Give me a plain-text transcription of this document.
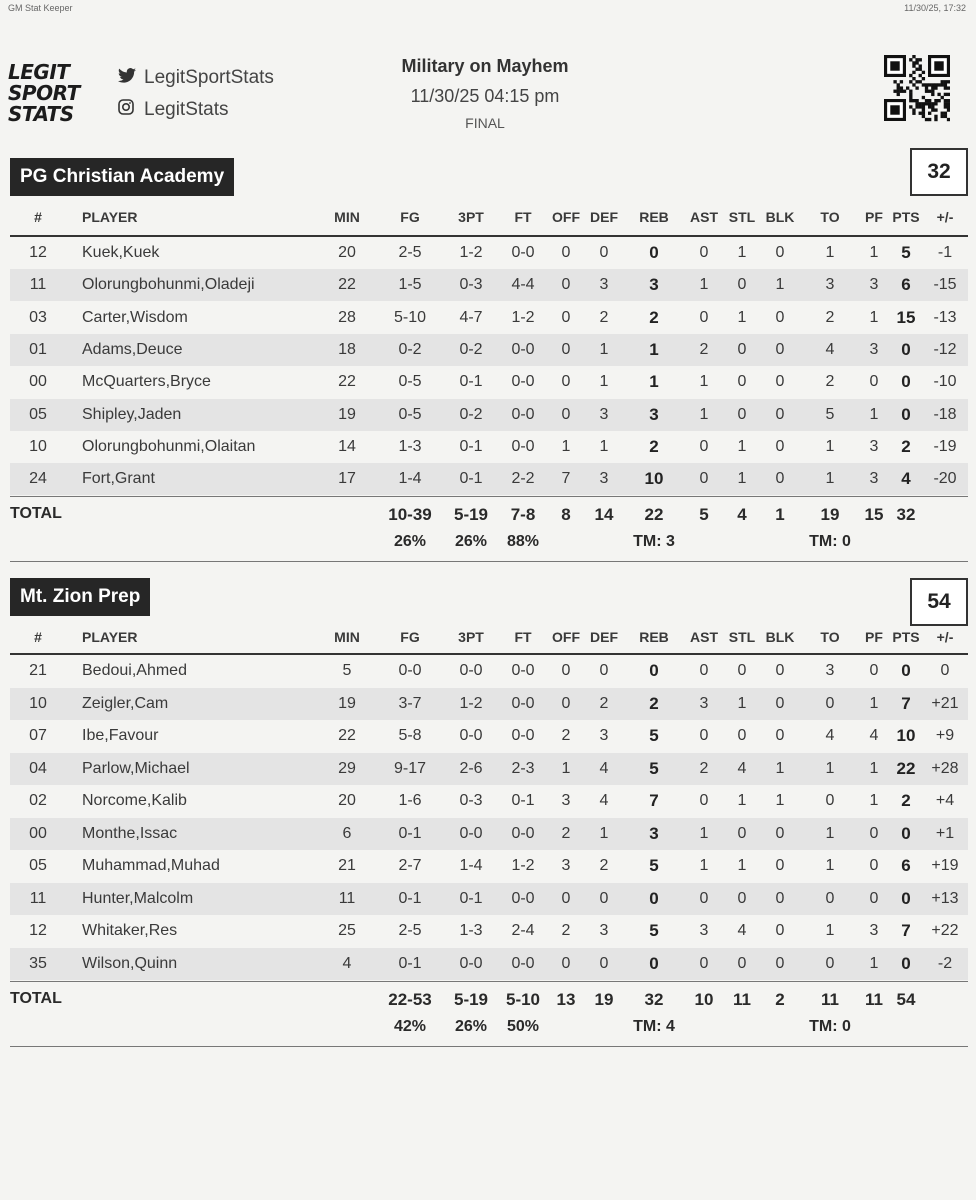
GM Stat Keeper	11/30/25, 17:32
LEGIT
SPORT
STATS
LegitSportStats
LegitStats
Military on Mayhem
11/30/25 04:15 pm
FINAL
PG Christian Academy	32
#	PLAYER	MIN	FG	3PT FT OFF DEF REB AST STL BLK TO PF PTS +/-
12 Kuek,Kuek	20	2-5 1-2 0-0 0 0 0	0 1 0	1 1 5 -1
11 Olorungbohunmi,Oladeji	22	1-5 0-3 4-4 0 3 3	1 0 1	3 3 6 -15
03 Carter,Wisdom	28 5-10 4-7 1-2 0 2 2	0 1 0	2 1 15 -13
01 Adams,Deuce	18	0-2 0-2 0-0 0 1 1	2 0 0	4 3 0 -12
00 McQuarters,Bryce	22	0-5 0-1 0-0 0 1 1	1 0 0	2 0 0 -10
05 Shipley,Jaden	19	0-5 0-2 0-0 0 3 3	1 0 0	5 1 0 -18
10 Olorungbohunmi,Olaitan	14	1-3 0-1 0-0 1 1 2	0 1 0	1 3 2 -19
24 Fort,Grant	17	1-4 0-1 2-2 7 3 10 0 1 0	1 3 4 -20
TOTAL	10-39 5-19 7-8 8 14 22 5 4 1 19 15 32
26% 26% 88%	TM: 3	TM: 0
Mt. Zion Prep	54
#	PLAYER	MIN	FG	3PT FT OFF DEF REB AST STL BLK TO PF PTS +/-
21 Bedoui,Ahmed	5	0-0 0-0 0-0 0 0 0	0 0 0	3 0 0 0
10 Zeigler,Cam	19	3-7 1-2 0-0 0 2 2	3 1 0	0 1 7 +21
07 Ibe,Favour	22	5-8 0-0 0-0 2 3 5	0 0 0	4 4 10 +9
04 Parlow,Michael	29 9-17 2-6 2-3 1 4 5	2 4 1	1 1 22 +28
02 Norcome,Kalib	20	1-6 0-3 0-1 3 4 7	0 1 1	0 1 2 +4
00 Monthe,Issac	6	0-1 0-0 0-0 2 1 3	1 0 0	1 0 0 +1
05 Muhammad,Muhad	21	2-7 1-4 1-2 3 2 5	1 1 0	1 0 6 +19
11 Hunter,Malcolm	11	0-1 0-1 0-0 0 0 0	0 0 0	0 0 0 +13
12 Whitaker,Res	25	2-5 1-3 2-4 2 3 5	3 4 0	1 3 7 +22
35 Wilson,Quinn	4	0-1 0-0 0-0 0 0 0	0 0 0	0 1 0 -2
TOTAL	22-53 5-19 5-10 13 19 32 10 11 2 11 11 54
42% 26% 50%	TM: 4	TM: 0
